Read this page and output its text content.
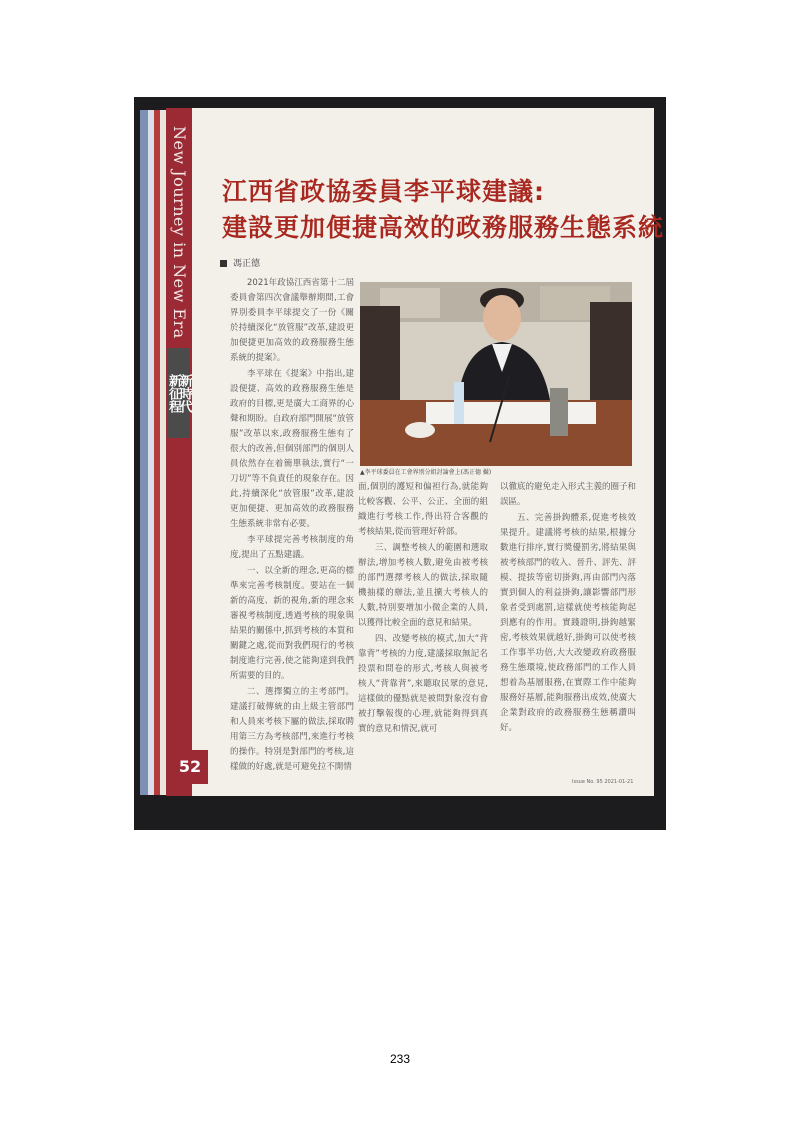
New Journey in New Era
新時代
新征程
52
江西省政協委員李平球建議:
建設更加便捷高效的政務服務生態系統
馮正德

2021年政協江西省第十二屆委員會第四次會議舉辦期間,工會界別委員李平球提交了一份《關於持續深化“放管服”改革,建設更加便捷更加高效的政務服務生態系統的提案》。

李平球在《提案》中指出,建設便捷、高效的政務服務生態是政府的目標,更是廣大工商界的心聲和期盼。自政府部門開展“放管服”改革以來,政務服務生態有了很大的改善,但個別部門的個別人員依然存在着簡單執法,實行“一刀切”等不負責任的現象存在。因此,持續深化“放管服”改革,建設更加便捷、更加高效的政務服務生態系統非常有必要。

李平球提完善考核制度的角度,提出了五點建議。

一、以全新的理念,更高的標準來完善考核制度。要站在一個新的高度、新的視角,新的理念來審視考核制度,透過考核的現象與結果的關係中,抓到考核的本質和關鍵之處,從而對我們現行的考核制度進行完善,使之能夠達到我們所需要的目的。

二、選擇獨立的主考部門。建議打破傳統的由上級主管部門和人員來考核下屬的做法,採取聘用第三方為考核部門,來進行考核的操作。特別是對部門的考核,這樣做的好處,就是可避免拉不開情

▲李平球委員在工會界別分組討論會上(馮正德 攝)

面,個別的護短和偏袒行為,就能夠比較客觀、公平、公正、全面的組織進行考核工作,得出符合客觀的考核結果,從而管理好幹部。

三、調整考核人的範圍和選取辦法,增加考核人數,避免由被考核的部門選擇考核人的做法,採取隨機抽樣的辦法,並且擴大考核人的人數,特別要增加小微企業的人員,以獲得比較全面的意見和結果。

四、改變考核的模式,加大“背靠背”考核的力度,建議採取無記名投票和問卷的形式,考核人與被考核人“背靠背”,來聽取民眾的意見,這樣做的優點就是被問對象沒有會被打擊報復的心理,就能夠得到真實的意見和情況,就可

以徹底的避免走入形式主義的圈子和誤區。

五、完善掛鉤體系,促進考核效果提升。建議將考核的結果,根據分數進行排序,實行獎優罰劣,將結果與被考核部門的收入、晉升、評先、評模、提拔等密切掛鉤,再由部門內落實到個人的利益掛鉤,讓影響部門形象者受到處罰,這樣就使考核能夠起到應有的作用。實踐證明,掛鉤越緊密,考核效果就越好,掛鉤可以使考核工作事半功倍,大大改變政府政務服務生態環境,使政務部門的工作人員想着為基層服務,在實際工作中能夠服務好基層,能夠服務出成效,使廣大企業對政府的政務服務生態稱讚叫好。

Issue No. 95 2021-01-21
233
